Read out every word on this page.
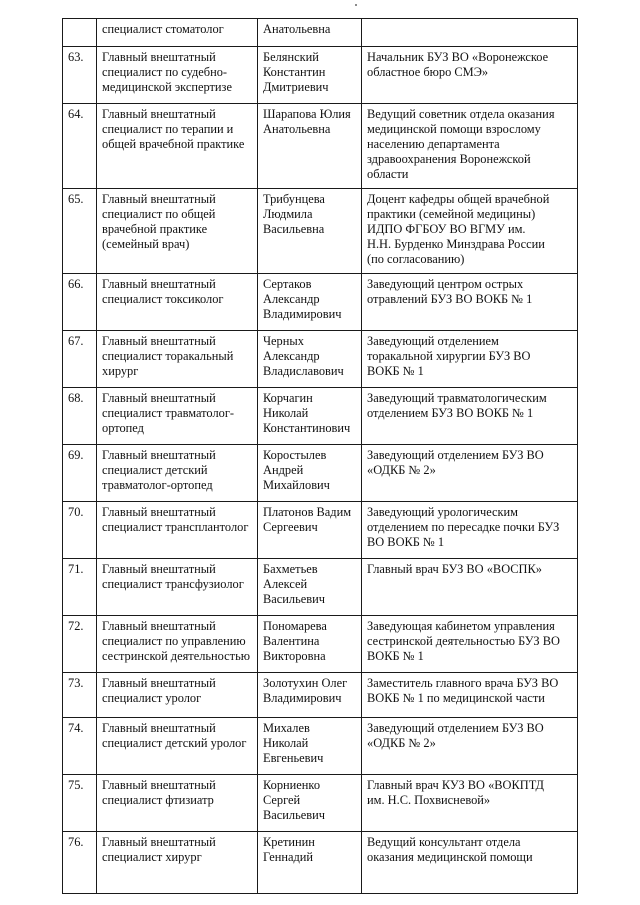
	специалист стоматолог	Анатольевна	
63.	Главный внештатный
специалист по судебно-
медицинской экспертизе	Белянский
Константин
Дмитриевич	Начальник БУЗ ВО «Воронежское
областное бюро СМЭ»
64.	Главный внештатный
специалист по терапии и
общей врачебной практике	Шарапова Юлия
Анатольевна	Ведущий советник отдела оказания
медицинской помощи взрослому
населению департамента
здравоохранения Воронежской
области
65.	Главный внештатный
специалист по общей
врачебной практике
(семейный врач)	Трибунцева
Людмила
Васильевна	Доцент кафедры общей врачебной
практики (семейной медицины)
ИДПО ФГБОУ ВО ВГМУ им.
Н.Н. Бурденко Минздрава России
(по согласованию)
66.	Главный внештатный
специалист токсиколог	Сертаков
Александр
Владимирович	Заведующий центром острых
отравлений БУЗ ВО ВОКБ № 1
67.	Главный внештатный
специалист торакальный
хирург	Черных
Александр
Владиславович	Заведующий отделением
торакальной хирургии БУЗ ВО
ВОКБ № 1
68.	Главный внештатный
специалист травматолог-
ортопед	Корчагин
Николай
Константинович	Заведующий травматологическим
отделением БУЗ ВО ВОКБ № 1
69.	Главный внештатный
специалист детский
травматолог-ортопед	Коростылев
Андрей
Михайлович	Заведующий отделением БУЗ ВО
«ОДКБ № 2»
70.	Главный внештатный
специалист трансплантолог	Платонов Вадим
Сергеевич	Заведующий урологическим
отделением по пересадке почки БУЗ
ВО ВОКБ № 1
71.	Главный внештатный
специалист трансфузиолог	Бахметьев
Алексей
Васильевич	Главный врач БУЗ ВО «ВОСПК»
72.	Главный внештатный
специалист по управлению
сестринской деятельностью	Пономарева
Валентина
Викторовна	Заведующая кабинетом управления
сестринской деятельностью БУЗ ВО
ВОКБ № 1
73.	Главный внештатный
специалист уролог	Золотухин Олег
Владимирович	Заместитель главного врача БУЗ ВО
ВОКБ № 1 по медицинской части
74.	Главный внештатный
специалист детский уролог	Михалев
Николай
Евгеньевич	Заведующий отделением БУЗ ВО
«ОДКБ № 2»
75.	Главный внештатный
специалист фтизиатр	Корниенко
Сергей
Васильевич	Главный врач КУЗ ВО «ВОКПТД
им. Н.С. Похвисневой»
76.	Главный внештатный
специалист хирург	Кретинин
Геннадий	Ведущий консультант отдела
оказания медицинской помощи
